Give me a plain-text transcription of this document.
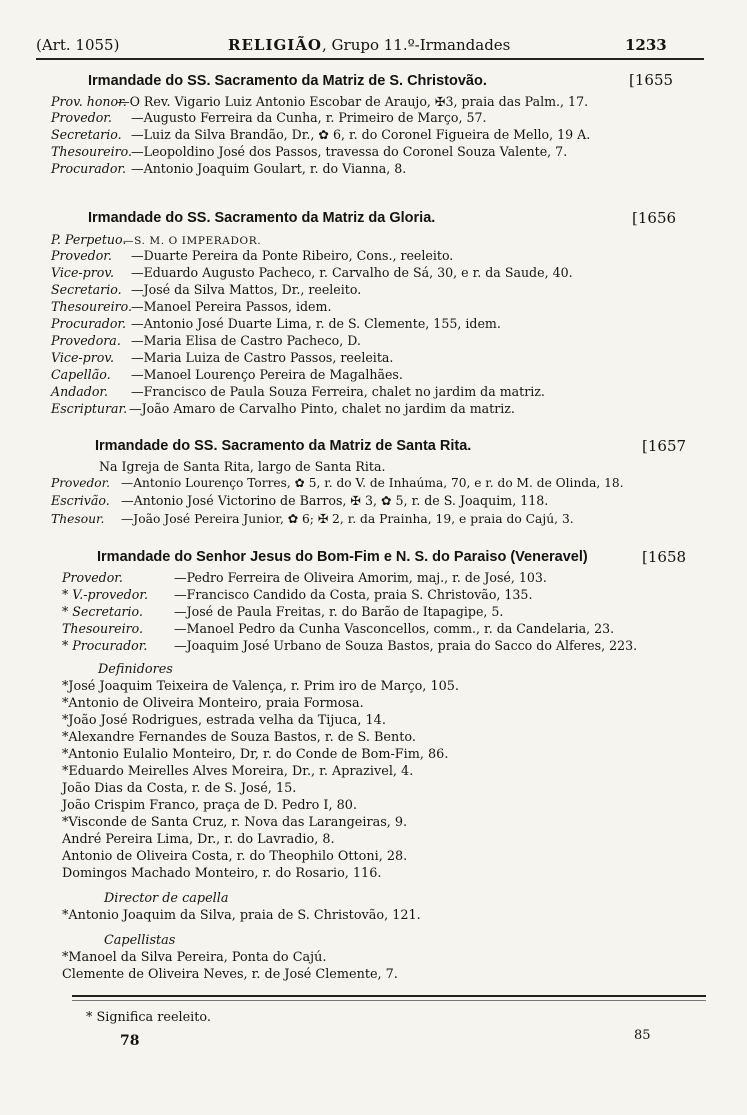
(Art. 1055)	RELIGIÃO, Grupo 11.º-Irmandades	1233
Irmandade do SS. Sacramento da Matriz de S. Christovão.	[1655
Prov. honor.—O Rev. Vigario Luiz Antonio Escobar de Araujo, ✠3, praia das Palm., 17.
Provedor. —Augusto Ferreira da Cunha, r. Primeiro de Março, 57.
Secretario. —Luiz da Silva Brandão, Dr., ✿ 6, r. do Coronel Figueira de Mello, 19 A.
Thesoureiro.—Leopoldino José dos Passos, travessa do Coronel Souza Valente, 7.
Procurador. —Antonio Joaquim Goulart, r. do Vianna, 8.
Irmandade do SS. Sacramento da Matriz da Gloria.	[1656
P. Perpetuo.—S. M. O IMPERADOR.
Provedor. —Duarte Pereira da Ponte Ribeiro, Cons., reeleito.
Vice-prov. —Eduardo Augusto Pacheco, r. Carvalho de Sá, 30, e r. da Saude, 40.
Secretario. —José da Silva Mattos, Dr., reeleito.
Thesoureiro.—Manoel Pereira Passos, idem.
Procurador. —Antonio José Duarte Lima, r. de S. Clemente, 155, idem.
Provedora. —Maria Elisa de Castro Pacheco, D.
Vice-prov. —Maria Luiza de Castro Passos, reeleita.
Capellão. —Manoel Lourenço Pereira de Magalhães.
Andador. —Francisco de Paula Souza Ferreira, chalet no jardim da matriz.
Escripturar. —João Amaro de Carvalho Pinto, chalet no jardim da matriz.
Irmandade do SS. Sacramento da Matriz de Santa Rita.	[1657
Na Igreja de Santa Rita, largo de Santa Rita.
Provedor. —Antonio Lourenço Torres, ✿ 5, r. do V. de Inhaúma, 70, e r. do M. de Olinda, 18.
Escrivão. —Antonio José Victorino de Barros, ✠ 3, ✿ 5, r. de S. Joaquim, 118.
Thesour. —João José Pereira Junior, ✿ 6; ✠ 2, r. da Prainha, 19, e praia do Cajú, 3.
Irmandade do Senhor Jesus do Bom-Fim e N. S. do Paraiso (Veneravel)	[1658
Provedor.	—Pedro Ferreira de Oliveira Amorim, maj., r. de José, 103.
* V.-provedor. —Francisco Candido da Costa, praia S. Christovão, 135.
* Secretario. —José de Paula Freitas, r. do Barão de Itapagipe, 5.
Thesoureiro. —Manoel Pedro da Cunha Vasconcellos, comm., r. da Candelaria, 23.
* Procurador. —Joaquim José Urbano de Souza Bastos, praia do Sacco do Alferes, 223.
Definidores
*José Joaquim Teixeira de Valença, r. Prim iro de Março, 105.
*Antonio de Oliveira Monteiro, praia Formosa.
*João José Rodrigues, estrada velha da Tijuca, 14.
*Alexandre Fernandes de Souza Bastos, r. de S. Bento.
*Antonio Eulalio Monteiro, Dr, r. do Conde de Bom-Fim, 86.
*Eduardo Meirelles Alves Moreira, Dr., r. Aprazivel, 4.
João Dias da Costa, r. de S. José, 15.
João Crispim Franco, praça de D. Pedro I, 80.
*Visconde de Santa Cruz, r. Nova das Larangeiras, 9.
André Pereira Lima, Dr., r. do Lavradio, 8.
Antonio de Oliveira Costa, r. do Theophilo Ottoni, 28.
Domingos Machado Monteiro, r. do Rosario, 116.
Director de capella
*Antonio Joaquim da Silva, praia de S. Christovão, 121.
Capellistas
*Manoel da Silva Pereira, Ponta do Cajú.
Clemente de Oliveira Neves, r. de José Clemente, 7.
* Significa reeleito.
78	85
